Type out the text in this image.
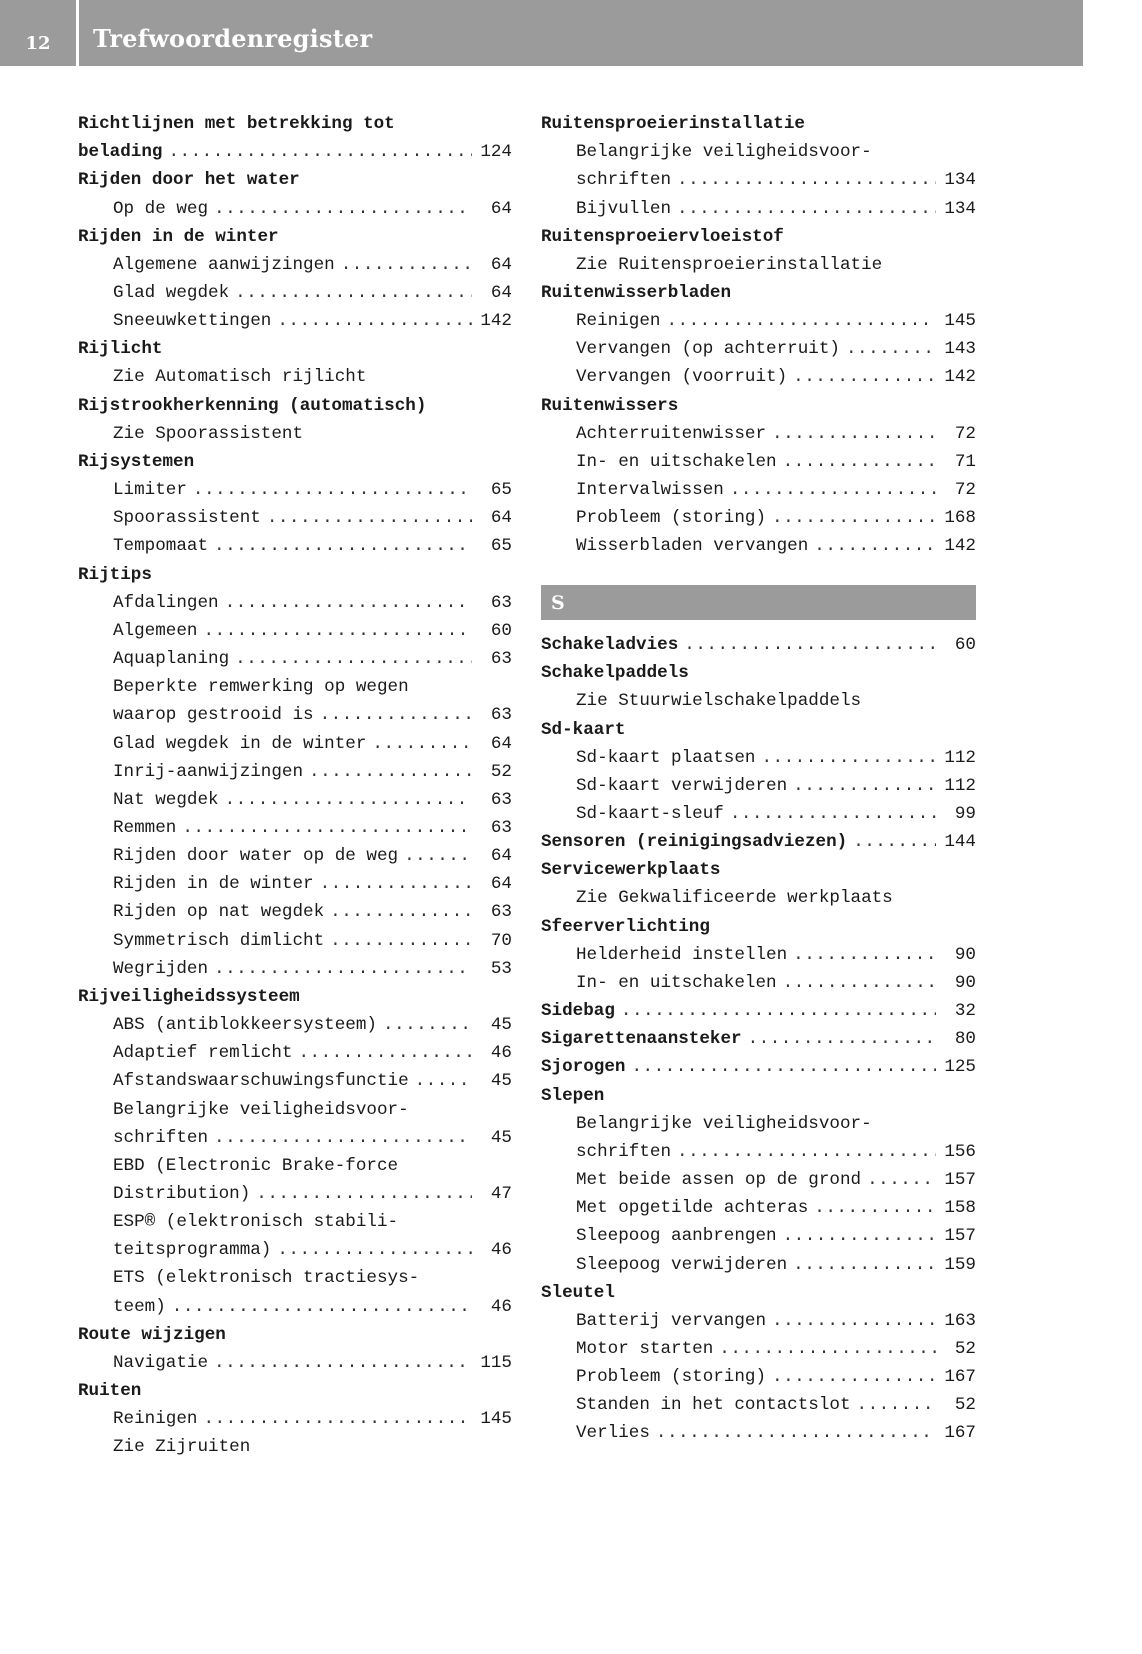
12	Trefwoordenregister
Richtlijnen met betrekking tot
belading .....	124
Rijden door het water
Op de weg .....	64
Rijden in de winter
Algemene aanwijzingen .....	64
Glad wegdek .....	64
Sneeuwkettingen .....	142
Rijlicht
Zie Automatisch rijlicht
Rijstrookherkenning (automatisch)
Zie Spoorassistent
Rijsystemen
Limiter .....	65
Spoorassistent .....	64
Tempomaat .....	65
Rijtips
Afdalingen .....	63
Algemeen .....	60
Aquaplaning .....	63
Beperkte remwerking op wegen
waarop gestrooid is .....	63
Glad wegdek in de winter .....	64
Inrij-aanwijzingen .....	52
Nat wegdek .....	63
Remmen .....	63
Rijden door water op de weg .....	64
Rijden in de winter .....	64
Rijden op nat wegdek .....	63
Symmetrisch dimlicht .....	70
Wegrijden .....	53
Rijveiligheidssysteem
ABS (antiblokkeersysteem) .....	45
Adaptief remlicht .....	46
Afstandswaarschuwingsfunctie .....	45
Belangrijke veiligheidsvoor-
schriften .....	45
EBD (Electronic Brake-force
Distribution) .....	47
ESP® (elektronisch stabili-
teitsprogramma) .....	46
ETS (elektronisch tractiesys-
teem) .....	46
Route wijzigen
Navigatie .....	115
Ruiten
Reinigen .....	145
Zie Zijruiten
Ruitensproeierinstallatie
Belangrijke veiligheidsvoor-
schriften .....	134
Bijvullen .....	134
Ruitensproeiervloeistof
Zie Ruitensproeierinstallatie
Ruitenwisserbladen
Reinigen .....	145
Vervangen (op achterruit) .....	143
Vervangen (voorruit) .....	142
Ruitenwissers
Achterruitenwisser .....	72
In- en uitschakelen .....	71
Intervalwissen .....	72
Probleem (storing) .....	168
Wisserbladen vervangen .....	142
S
Schakeladvies .....	60
Schakelpaddels
Zie Stuurwielschakelpaddels
Sd-kaart
Sd-kaart plaatsen .....	112
Sd-kaart verwijderen .....	112
Sd-kaart-sleuf .....	99
Sensoren (reinigingsadviezen) .....	144
Servicewerkplaats
Zie Gekwalificeerde werkplaats
Sfeerverlichting
Helderheid instellen .....	90
In- en uitschakelen .....	90
Sidebag .....	32
Sigarettenaansteker .....	80
Sjorogen .....	125
Slepen
Belangrijke veiligheidsvoor-
schriften .....	156
Met beide assen op de grond .....	157
Met opgetilde achteras .....	158
Sleepoog aanbrengen .....	157
Sleepoog verwijderen .....	159
Sleutel
Batterij vervangen .....	163
Motor starten .....	52
Probleem (storing) .....	167
Standen in het contactslot .....	52
Verlies .....	167
